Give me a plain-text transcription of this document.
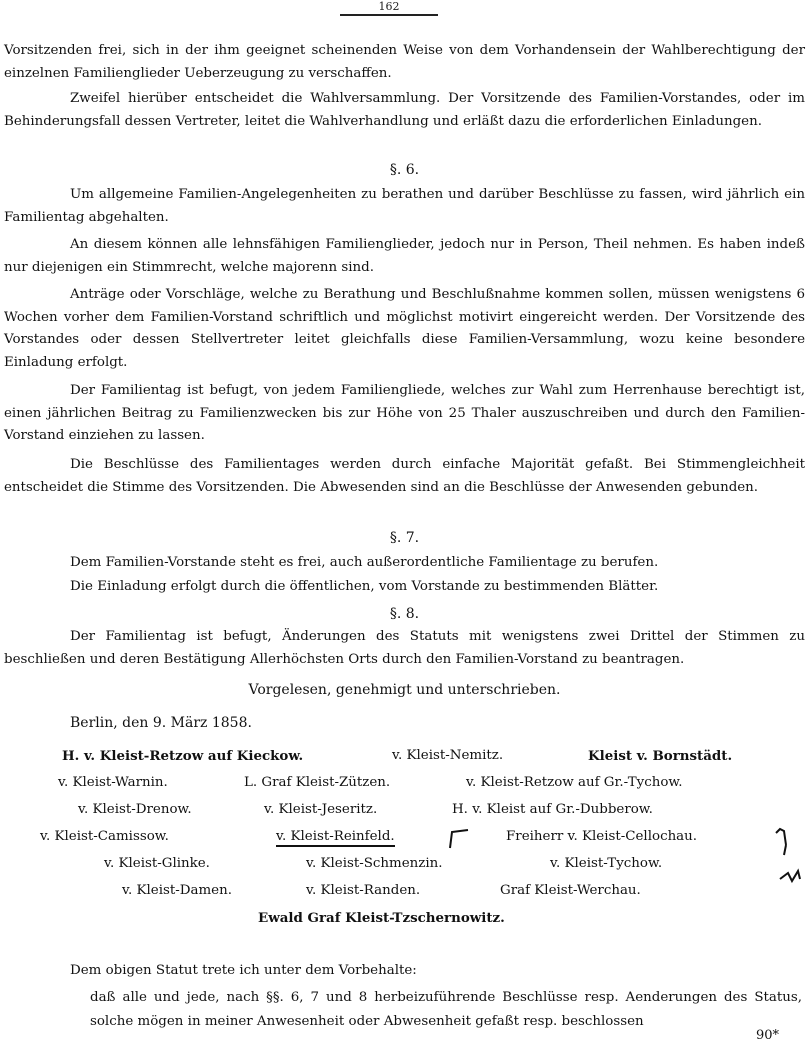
162

Vorsitzenden frei, sich in der ihm geeignet scheinenden Weise von dem Vorhandensein der Wahlberechtigung der einzelnen Familienglieder Ueberzeugung zu verschaffen.

Zweifel hierüber entscheidet die Wahlversammlung. Der Vorsitzende des Familien-Vorstandes, oder im Behinderungsfall dessen Vertreter, leitet die Wahlverhandlung und erläßt dazu die erforderlichen Einladungen.

§. 6.

Um allgemeine Familien-Angelegenheiten zu berathen und darüber Beschlüsse zu fassen, wird jährlich ein Familientag abgehalten.

An diesem können alle lehnsfähigen Familienglieder, jedoch nur in Person, Theil nehmen. Es haben indeß nur diejenigen ein Stimmrecht, welche majorenn sind.

Anträge oder Vorschläge, welche zu Berathung und Beschlußnahme kommen sollen, müssen wenigstens 6 Wochen vorher dem Familien-Vorstand schriftlich und möglichst motivirt eingereicht werden. Der Vorsitzende des Vorstandes oder dessen Stellvertreter leitet gleichfalls diese Familien-Versammlung, wozu keine besondere Einladung erfolgt.

Der Familientag ist befugt, von jedem Familiengliede, welches zur Wahl zum Herrenhause berechtigt ist, einen jährlichen Beitrag zu Familienzwecken bis zur Höhe von 25 Thaler auszuschreiben und durch den Familien-Vorstand einziehen zu lassen.

Die Beschlüsse des Familientages werden durch einfache Majorität gefaßt. Bei Stimmengleichheit entscheidet die Stimme des Vorsitzenden. Die Abwesenden sind an die Beschlüsse der Anwesenden gebunden.

§. 7.
Dem Familien-Vorstande steht es frei, auch außerordentliche Familientage zu berufen.
Die Einladung erfolgt durch die öffentlichen, vom Vorstande zu bestimmenden Blätter.
§. 8.

Der Familientag ist befugt, Änderungen des Statuts mit wenigstens zwei Drittel der Stimmen zu beschließen und deren Bestätigung Allerhöchsten Orts durch den Familien-Vorstand zu beantragen.

Vorgelesen, genehmigt und unterschrieben.
Berlin, den 9. März 1858.
H. v. Kleist-Retzow auf Kieckow.	v. Kleist-Nemitz.	Kleist v. Bornstädt.
v. Kleist-Warnin.	L. Graf Kleist-Zützen.	v. Kleist-Retzow auf Gr.-Tychow.
v. Kleist-Drenow.	v. Kleist-Jeseritz.	H. v. Kleist auf Gr.-Dubberow.
v. Kleist-Camissow.	v. Kleist-Reinfeld.	Freiherr v. Kleist-Cellochau.
v. Kleist-Glinke.	v. Kleist-Schmenzin.	v. Kleist-Tychow.
v. Kleist-Damen.	v. Kleist-Randen.	Graf Kleist-Werchau.
Ewald Graf Kleist-Tzschernowitz.
Dem obigen Statut trete ich unter dem Vorbehalte:

daß alle und jede, nach §§. 6, 7 und 8 herbeizuführende Beschlüsse resp. Aenderungen des Status, solche mögen in meiner Anwesenheit oder Abwesenheit gefaßt resp. beschlossen

90*
